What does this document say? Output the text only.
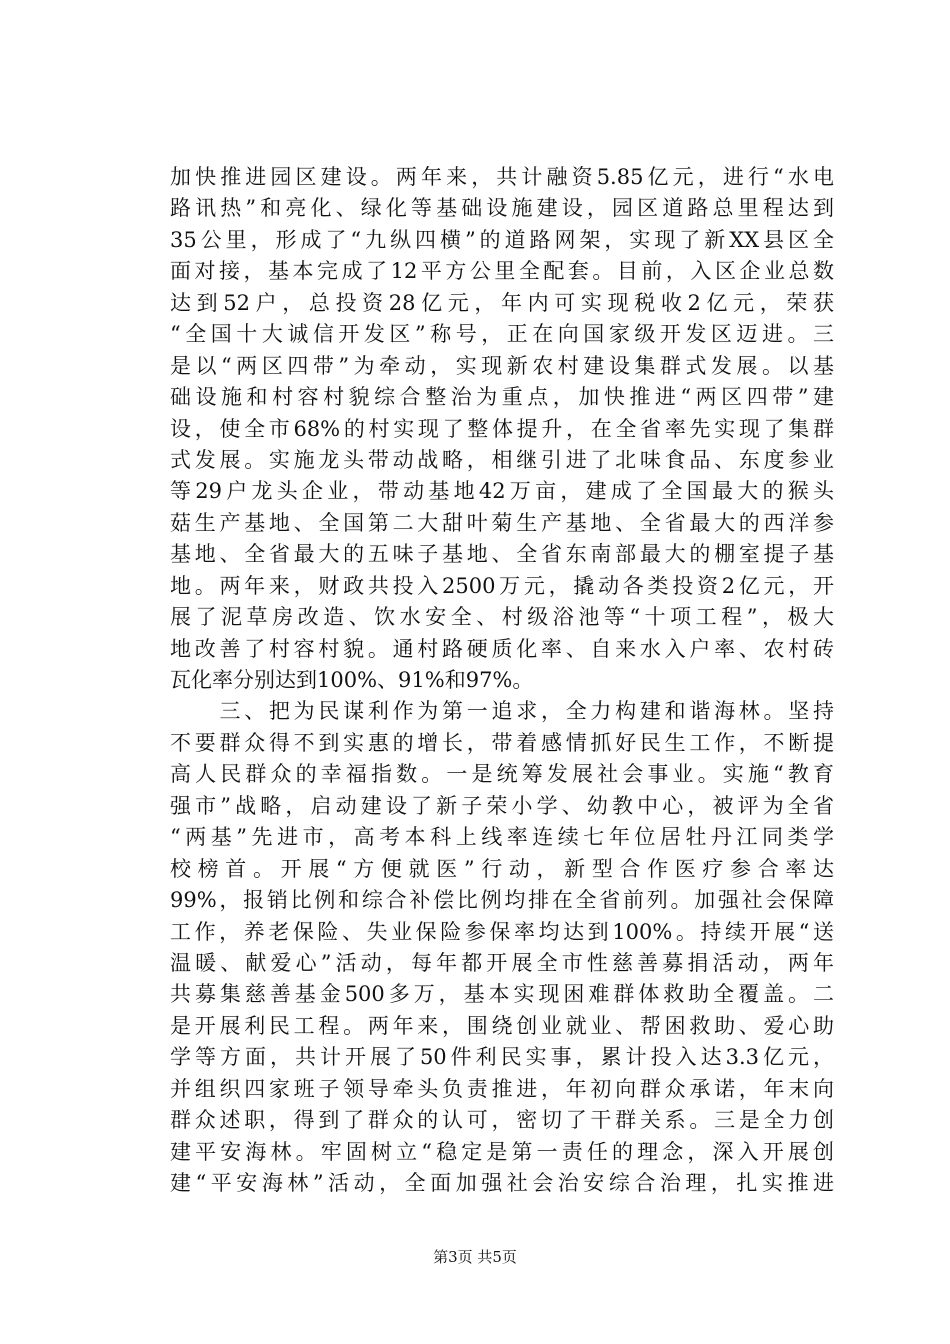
加快推进园区建设。两年来，共计融资5.85亿元，进行“水电
路讯热”和亮化、绿化等基础设施建设，园区道路总里程达到
35公里，形成了“九纵四横”的道路网架，实现了新XX县区全
面对接，基本完成了12平方公里全配套。目前，入区企业总数
达到52户，总投资28亿元，年内可实现税收2亿元，荣获
“全国十大诚信开发区”称号，正在向国家级开发区迈进。三
是以“两区四带”为牵动，实现新农村建设集群式发展。以基
础设施和村容村貌综合整治为重点，加快推进“两区四带”建
设，使全市68%的村实现了整体提升，在全省率先实现了集群
式发展。实施龙头带动战略，相继引进了北味食品、东度参业
等29户龙头企业，带动基地42万亩，建成了全国最大的猴头
菇生产基地、全国第二大甜叶菊生产基地、全省最大的西洋参
基地、全省最大的五味子基地、全省东南部最大的棚室提子基
地。两年来，财政共投入2500万元，撬动各类投资2亿元，开
展了泥草房改造、饮水安全、村级浴池等“十项工程”，极大
地改善了村容村貌。通村路硬质化率、自来水入户率、农村砖
瓦化率分别达到100%、91%和97%。
　　三、把为民谋利作为第一追求，全力构建和谐海林。坚持
不要群众得不到实惠的增长，带着感情抓好民生工作，不断提
高人民群众的幸福指数。一是统筹发展社会事业。实施“教育
强市”战略，启动建设了新子荣小学、幼教中心，被评为全省
“两基”先进市，高考本科上线率连续七年位居牡丹江同类学
校榜首。开展“方便就医”行动，新型合作医疗参合率达
99%，报销比例和综合补偿比例均排在全省前列。加强社会保障
工作，养老保险、失业保险参保率均达到100%。持续开展“送
温暖、献爱心”活动，每年都开展全市性慈善募捐活动，两年
共募集慈善基金500多万，基本实现困难群体救助全覆盖。二
是开展利民工程。两年来，围绕创业就业、帮困救助、爱心助
学等方面，共计开展了50件利民实事，累计投入达3.3亿元，
并组织四家班子领导牵头负责推进，年初向群众承诺，年末向
群众述职，得到了群众的认可，密切了干群关系。三是全力创
建平安海林。牢固树立“稳定是第一责任的理念，深入开展创
建“平安海林”活动，全面加强社会治安综合治理，扎实推进
第3页 共5页
